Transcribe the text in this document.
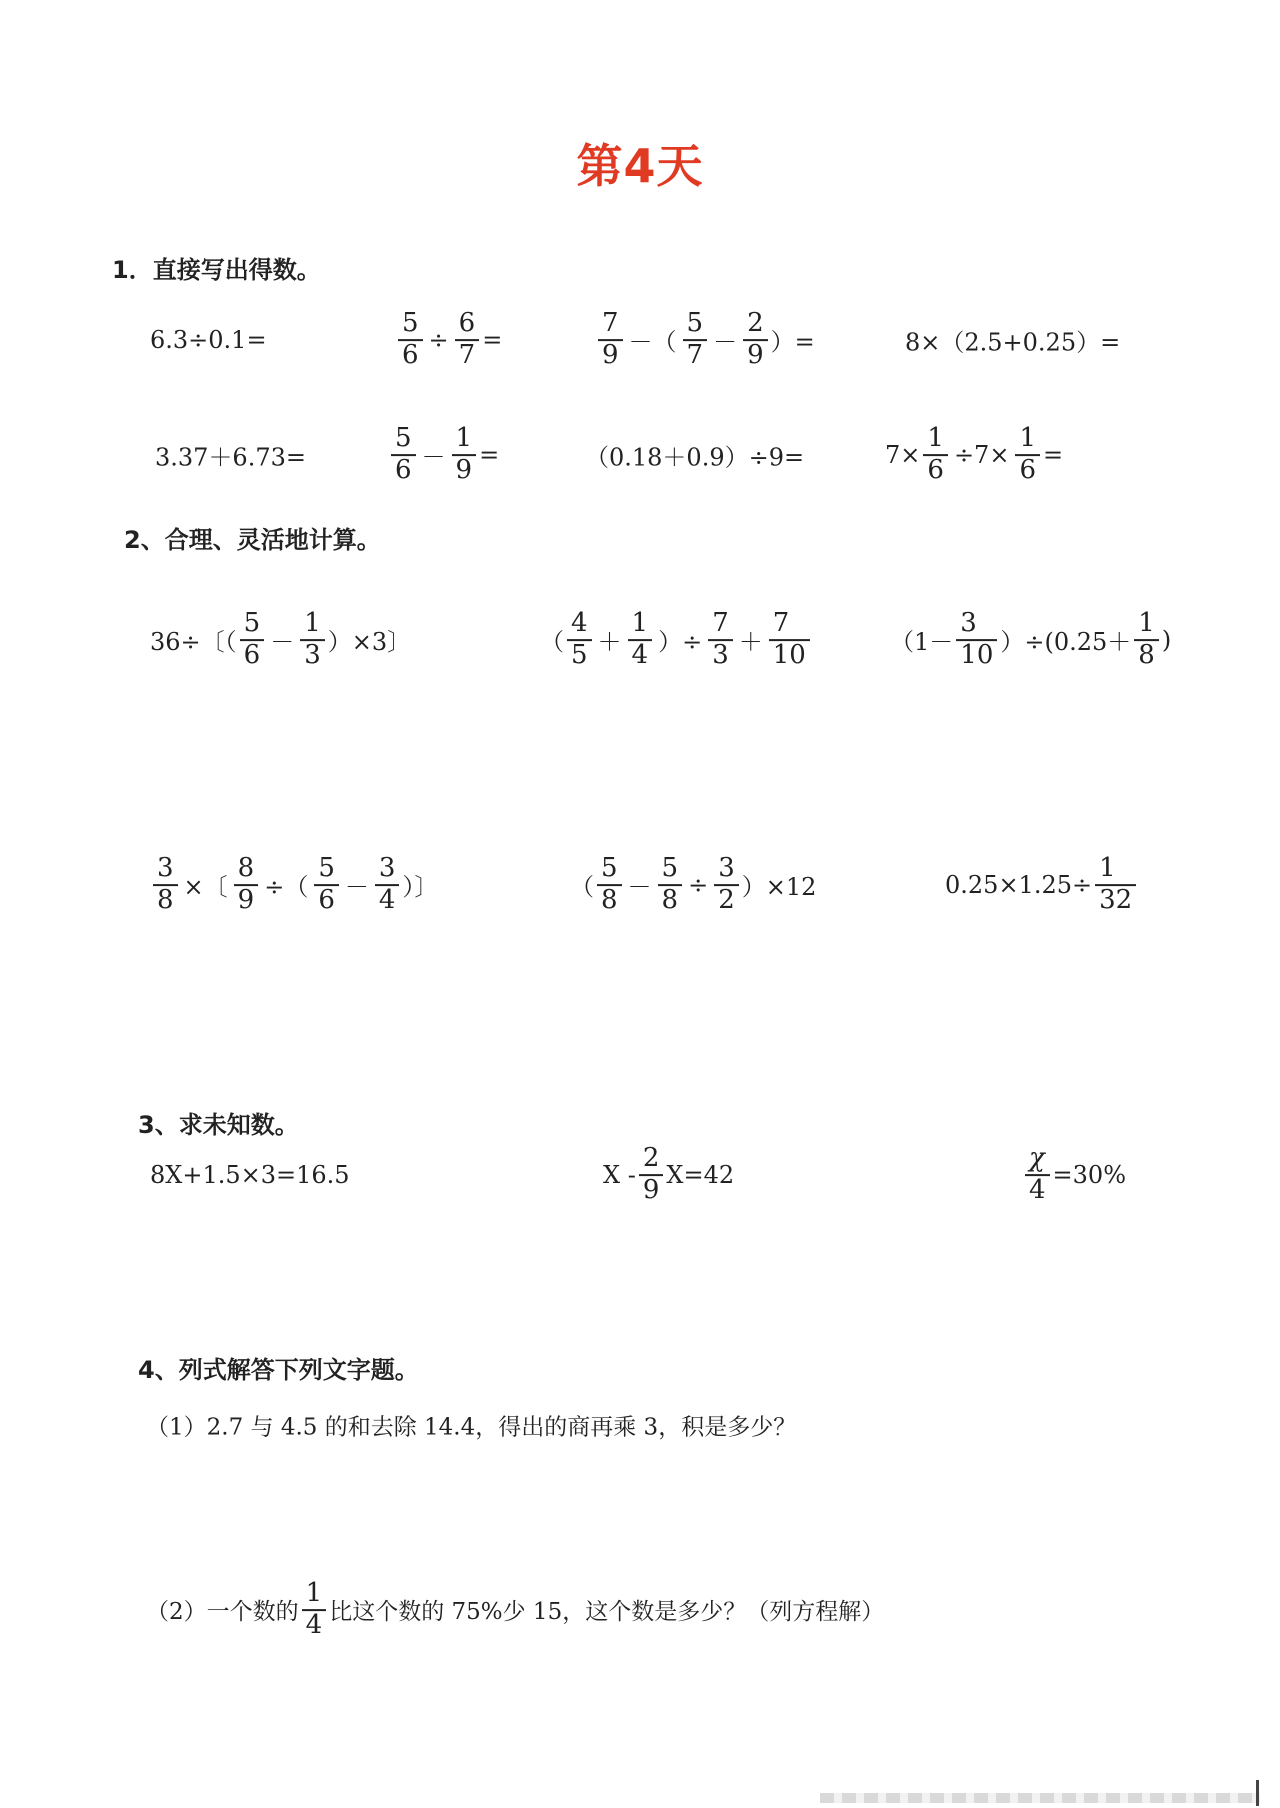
第4天
1．直接写出得数。
6.3÷0.1=	$\frac{5}{6} \div \frac{6}{7}$ =	$\frac{7}{9}$ －（ $\frac{5}{7} - \frac{2}{9}$ ）=	8×（2.5+0.25）=
3.37＋6.73=	$\frac{5}{6} - \frac{1}{9}$ =	（0.18＋0.9）÷9=	$7\times \frac{1}{6} \div 7\times \frac{1}{6}$ =
2、合理、灵活地计算。
36÷〔（ $\frac{5}{6} - \frac{1}{3} )\times 3$〕	（ $\frac{4}{5} + \frac{1}{4}$ ）÷ $\frac{7}{3} + \frac{7}{10}$	$(1- \frac{3}{10} )\div(0.25+ \frac{1}{8}$ )
$\frac{3}{8}$ ×〔 $\frac{8}{9}$ ÷（ $\frac{5}{6} - \frac{3}{4}$ ）〕	（ $\frac{5}{8} - \frac{5}{8} \div \frac{3}{2} )\times 12$	$0.25\times 1.25\div \frac{1}{32}$
3、求未知数。
8X+1.5×3=16.5	$X - \frac{2}{9} X=42$	$\frac{\chi}{4} =30\%$
4、列式解答下列文字题。
（1）2.7 与 4.5 的和去除 14.4，得出的商再乘 3，积是多少？
（2）一个数的 $\frac{1}{4}$ 比这个数的 75%少 15，这个数是多少？（列方程解）
